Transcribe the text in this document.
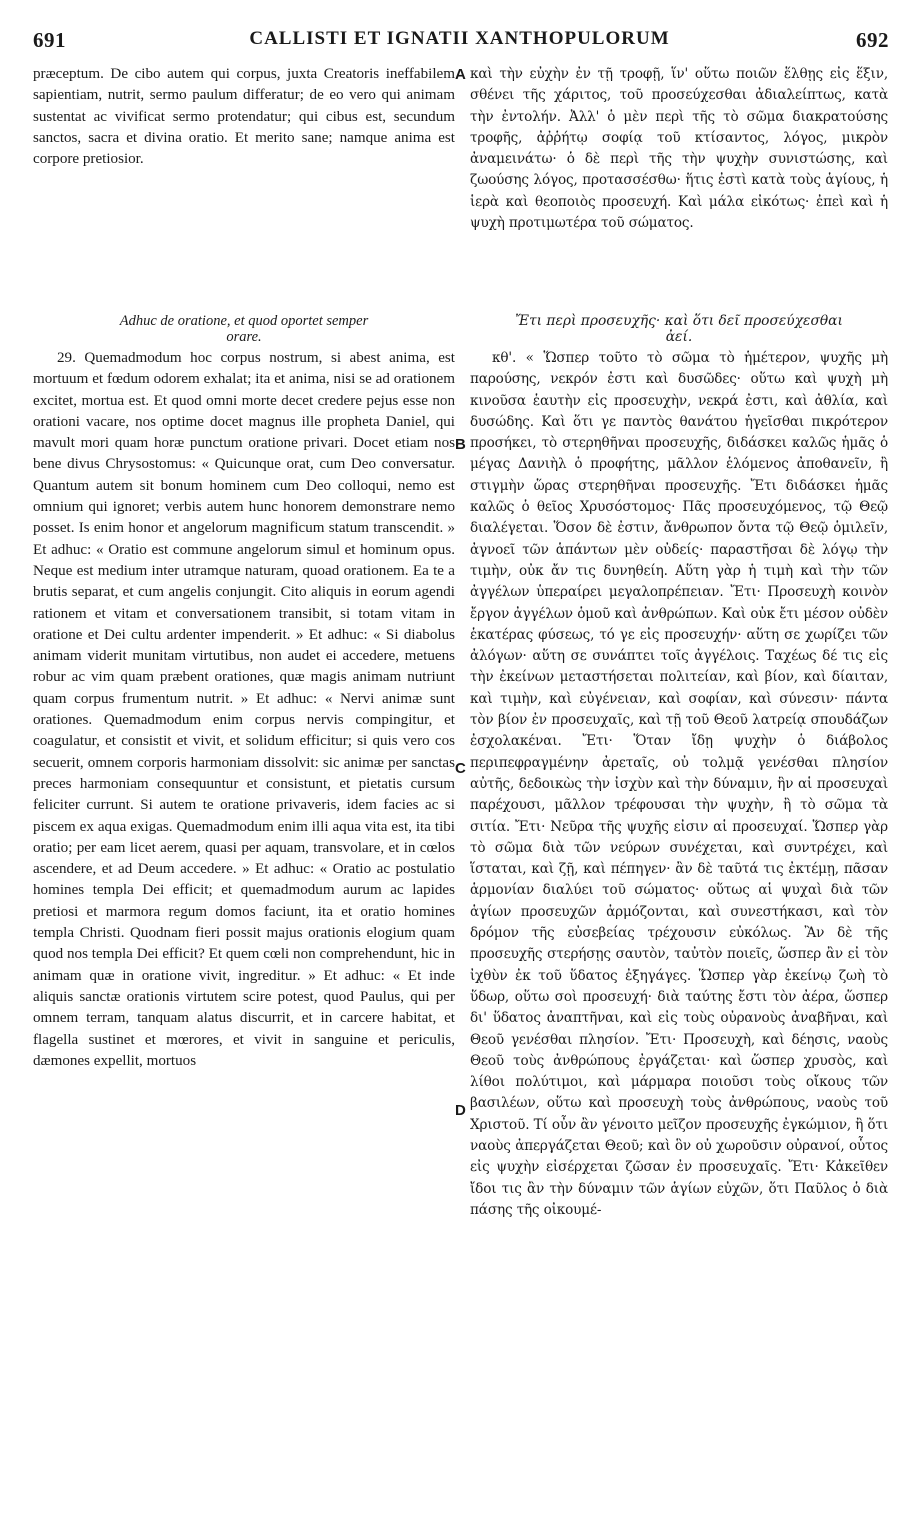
691	CALLISTI ET IGNATII XANTHOPULORUM	692

præceptum. De cibo autem qui corpus, juxta Creatoris ineffabilem sapientiam, nutrit, sermo paulum differatur; de eo vero qui animam sustentat ac vivificat sermo protendatur; qui cibus est, secundum sanctos, sacra et divina oratio. Et merito sane; namque anima est corpore pretiosior.

Adhuc de oratione, et quod oportet semper
orare.

29. Quemadmodum hoc corpus nostrum, si abest anima, est mortuum et fœdum odorem exhalat; ita et anima, nisi se ad orationem excitet, mortua est. Et quod omni morte decet credere pejus esse non orationi vacare, nos optime docet magnus ille propheta Daniel, qui mavult mori quam horæ punctum oratione privari. Docet etiam nos bene divus Chrysostomus: « Quicunque orat, cum Deo conversatur. Quantum autem sit bonum hominem cum Deo colloqui, nemo est omnium qui ignoret; verbis autem hunc honorem demonstrare nemo posset. Is enim honor et angelorum magnificum statum transcendit. » Et adhuc: « Oratio est commune angelorum simul et hominum opus. Neque est medium inter utramque naturam, quoad orationem. Ea te a brutis separat, et cum angelis conjungit. Cito aliquis in eorum agendi rationem et vitam et conversationem transibit, si totam vitam in oratione et Dei cultu ardenter impenderit. » Et adhuc: « Si diabolus animam viderit munitam virtutibus, non audet ei accedere, metuens robur ac vim quam præbent orationes, quæ magis animam nutriunt quam corpus frumentum nutrit. » Et adhuc: « Nervi animæ sunt orationes. Quemadmodum enim corpus nervis compingitur, et coagulatur, et consistit et vivit, et solidum efficitur; si quis vero cos secuerit, omnem corporis harmoniam dissolvit: sic animæ per sanctas preces harmoniam consequuntur et consistunt, et pietatis cursum feliciter currunt. Si autem te oratione privaveris, idem facies ac si piscem ex aqua exigas. Quemadmodum enim illi aqua vita est, ita tibi oratio; per eam licet aerem, quasi per aquam, transvolare, et in cœlos ascendere, et ad Deum accedere. » Et adhuc: « Oratio ac postulatio homines templa Dei efficit; et quemadmodum aurum ac lapides pretiosi et marmora regum domos faciunt, ita et oratio homines templa Christi. Quodnam fieri possit majus orationis elogium quam quod nos templa Dei efficit? Et quem cœli non comprehendunt, hic in animam quæ in oratione vivit, ingreditur. » Et adhuc: « Et inde aliquis sanctæ orationis virtutem scire potest, quod Paulus, qui per omnem terram, tanquam alatus discurrit, et in carcere habitat, et flagella sustinet et mœrores, et vivit in sanguine et periculis, dæmones expellit, mortuos

A
B
C
D

καὶ τὴν εὐχὴν ἐν τῇ τροφῇ, ἵν' οὕτω ποιῶν ἕλθῃς εἰς ἕξιν, σθένει τῆς χάριτος, τοῦ προσεύχεσθαι ἀδιαλείπτως, κατὰ τὴν ἐντολήν. Ἀλλ' ὁ μὲν περὶ τῆς τὸ σῶμα διακρατούσης τροφῆς, ἀῤῥήτῳ σοφίᾳ τοῦ κτίσαντος, λόγος, μικρὸν ἀναμεινάτω· ὁ δὲ περὶ τῆς τὴν ψυχὴν συνιστώσης, καὶ ζωούσης λόγος, προτασσέσθω· ἥτις ἐστὶ κατὰ τοὺς ἁγίους, ἡ ἱερὰ καὶ θεοποιὸς προσευχή. Καὶ μάλα εἰκότως· ἐπεὶ καὶ ἡ ψυχὴ προτιμωτέρα τοῦ σώματος.

Ἔτι περὶ προσευχῆς· καὶ ὅτι δεῖ προσεύχεσθαι
ἀεί.

κθ'. « Ὥσπερ τοῦτο τὸ σῶμα τὸ ἡμέτερον, ψυχῆς μὴ παρούσης, νεκρόν ἐστι καὶ δυσῶδες· οὕτω καὶ ψυχὴ μὴ κινοῦσα ἑαυτὴν εἰς προσευχὴν, νεκρά ἐστι, καὶ ἀθλία, καὶ δυσώδης. Καὶ ὅτι γε παντὸς θανάτου ἡγεῖσθαι πικρότερον προσήκει, τὸ στερηθῆναι προσευχῆς, διδάσκει καλῶς ἡμᾶς ὁ μέγας Δανιὴλ ὁ προφήτης, μᾶλλον ἑλόμενος ἀποθανεῖν, ἢ στιγμὴν ὥρας στερηθῆναι προσευχῆς. Ἔτι διδάσκει ἡμᾶς καλῶς ὁ θεῖος Χρυσόστομος· Πᾶς προσευχόμενος, τῷ Θεῷ διαλέγεται. Ὅσον δὲ ἐστιν, ἄνθρωπον ὄντα τῷ Θεῷ ὁμιλεῖν, ἀγνοεῖ τῶν ἁπάντων μὲν οὐδείς· παραστῆσαι δὲ λόγῳ τὴν τιμὴν, οὐκ ἄν τις δυνηθείη. Αὕτη γὰρ ἡ τιμὴ καὶ τὴν τῶν ἀγγέλων ὑπεραίρει μεγαλοπρέπειαν. Ἔτι· Προσευχὴ κοινὸν ἔργον ἀγγέλων ὁμοῦ καὶ ἀνθρώπων. Καὶ οὐκ ἔτι μέσον οὐδὲν ἑκατέρας φύσεως, τό γε εἰς προσευχήν· αὕτη σε χωρίζει τῶν ἀλόγων· αὕτη σε συνάπτει τοῖς ἀγγέλοις. Ταχέως δέ τις εἰς τὴν ἐκείνων μεταστήσεται πολιτείαν, καὶ βίον, καὶ δίαιταν, καὶ τιμὴν, καὶ εὐγένειαν, καὶ σοφίαν, καὶ σύνεσιν· πάντα τὸν βίον ἐν προσευχαῖς, καὶ τῇ τοῦ Θεοῦ λατρείᾳ σπουδάζων ἐσχολακέναι. Ἔτι· Ὅταν ἴδῃ ψυχὴν ὁ διάβολος περιπεφραγμένην ἀρεταῖς, οὐ τολμᾷ γενέσθαι πλησίον αὐτῆς, δεδοικὼς τὴν ἰσχὺν καὶ τὴν δύναμιν, ἣν αἱ προσευχαὶ παρέχουσι, μᾶλλον τρέφουσαι τὴν ψυχὴν, ἢ τὸ σῶμα τὰ σιτία. Ἔτι· Νεῦρα τῆς ψυχῆς εἰσιν αἱ προσευχαί. Ὥσπερ γὰρ τὸ σῶμα διὰ τῶν νεύρων συνέχεται, καὶ συντρέχει, καὶ ἵσταται, καὶ ζῇ, καὶ πέπηγεν· ἂν δὲ ταῦτά τις ἐκτέμῃ, πᾶσαν ἁρμονίαν διαλύει τοῦ σώματος· οὕτως αἱ ψυχαὶ διὰ τῶν ἁγίων προσευχῶν ἁρμόζονται, καὶ συνεστήκασι, καὶ τὸν δρόμον τῆς εὐσεβείας τρέχουσιν εὐκόλως. Ἂν δὲ τῆς προσευχῆς στερήσῃς σαυτὸν, ταὐτὸν ποιεῖς, ὥσπερ ἂν εἰ τὸν ἰχθὺν ἐκ τοῦ ὕδατος ἐξηγάγες. Ὥσπερ γὰρ ἐκείνῳ ζωὴ τὸ ὕδωρ, οὕτω σοὶ προσευχή· διὰ ταύτης ἔστι τὸν ἀέρα, ὥσπερ δι' ὕδατος ἀναπτῆναι, καὶ εἰς τοὺς οὐρανοὺς ἀναβῆναι, καὶ Θεοῦ γενέσθαι πλησίον. Ἔτι· Προσευχὴ, καὶ δέησις, ναοὺς Θεοῦ τοὺς ἀνθρώπους ἐργάζεται· καὶ ὥσπερ χρυσὸς, καὶ λίθοι πολύτιμοι, καὶ μάρμαρα ποιοῦσι τοὺς οἴκους τῶν βασιλέων, οὕτω καὶ προσευχὴ τοὺς ἀνθρώπους, ναοὺς τοῦ Χριστοῦ. Τί οὖν ἂν γένοιτο μεῖζον προσευχῆς ἐγκώμιον, ἢ ὅτι ναοὺς ἀπεργάζεται Θεοῦ; καὶ ὃν οὐ χωροῦσιν οὐρανοί, οὗτος εἰς ψυχὴν εἰσέρχεται ζῶσαν ἐν προσευχαῖς. Ἔτι· Κἀκεῖθεν ἴδοι τις ἂν τὴν δύναμιν τῶν ἁγίων εὐχῶν, ὅτι Παῦλος ὁ διὰ πάσης τῆς οἰκουμέ-
